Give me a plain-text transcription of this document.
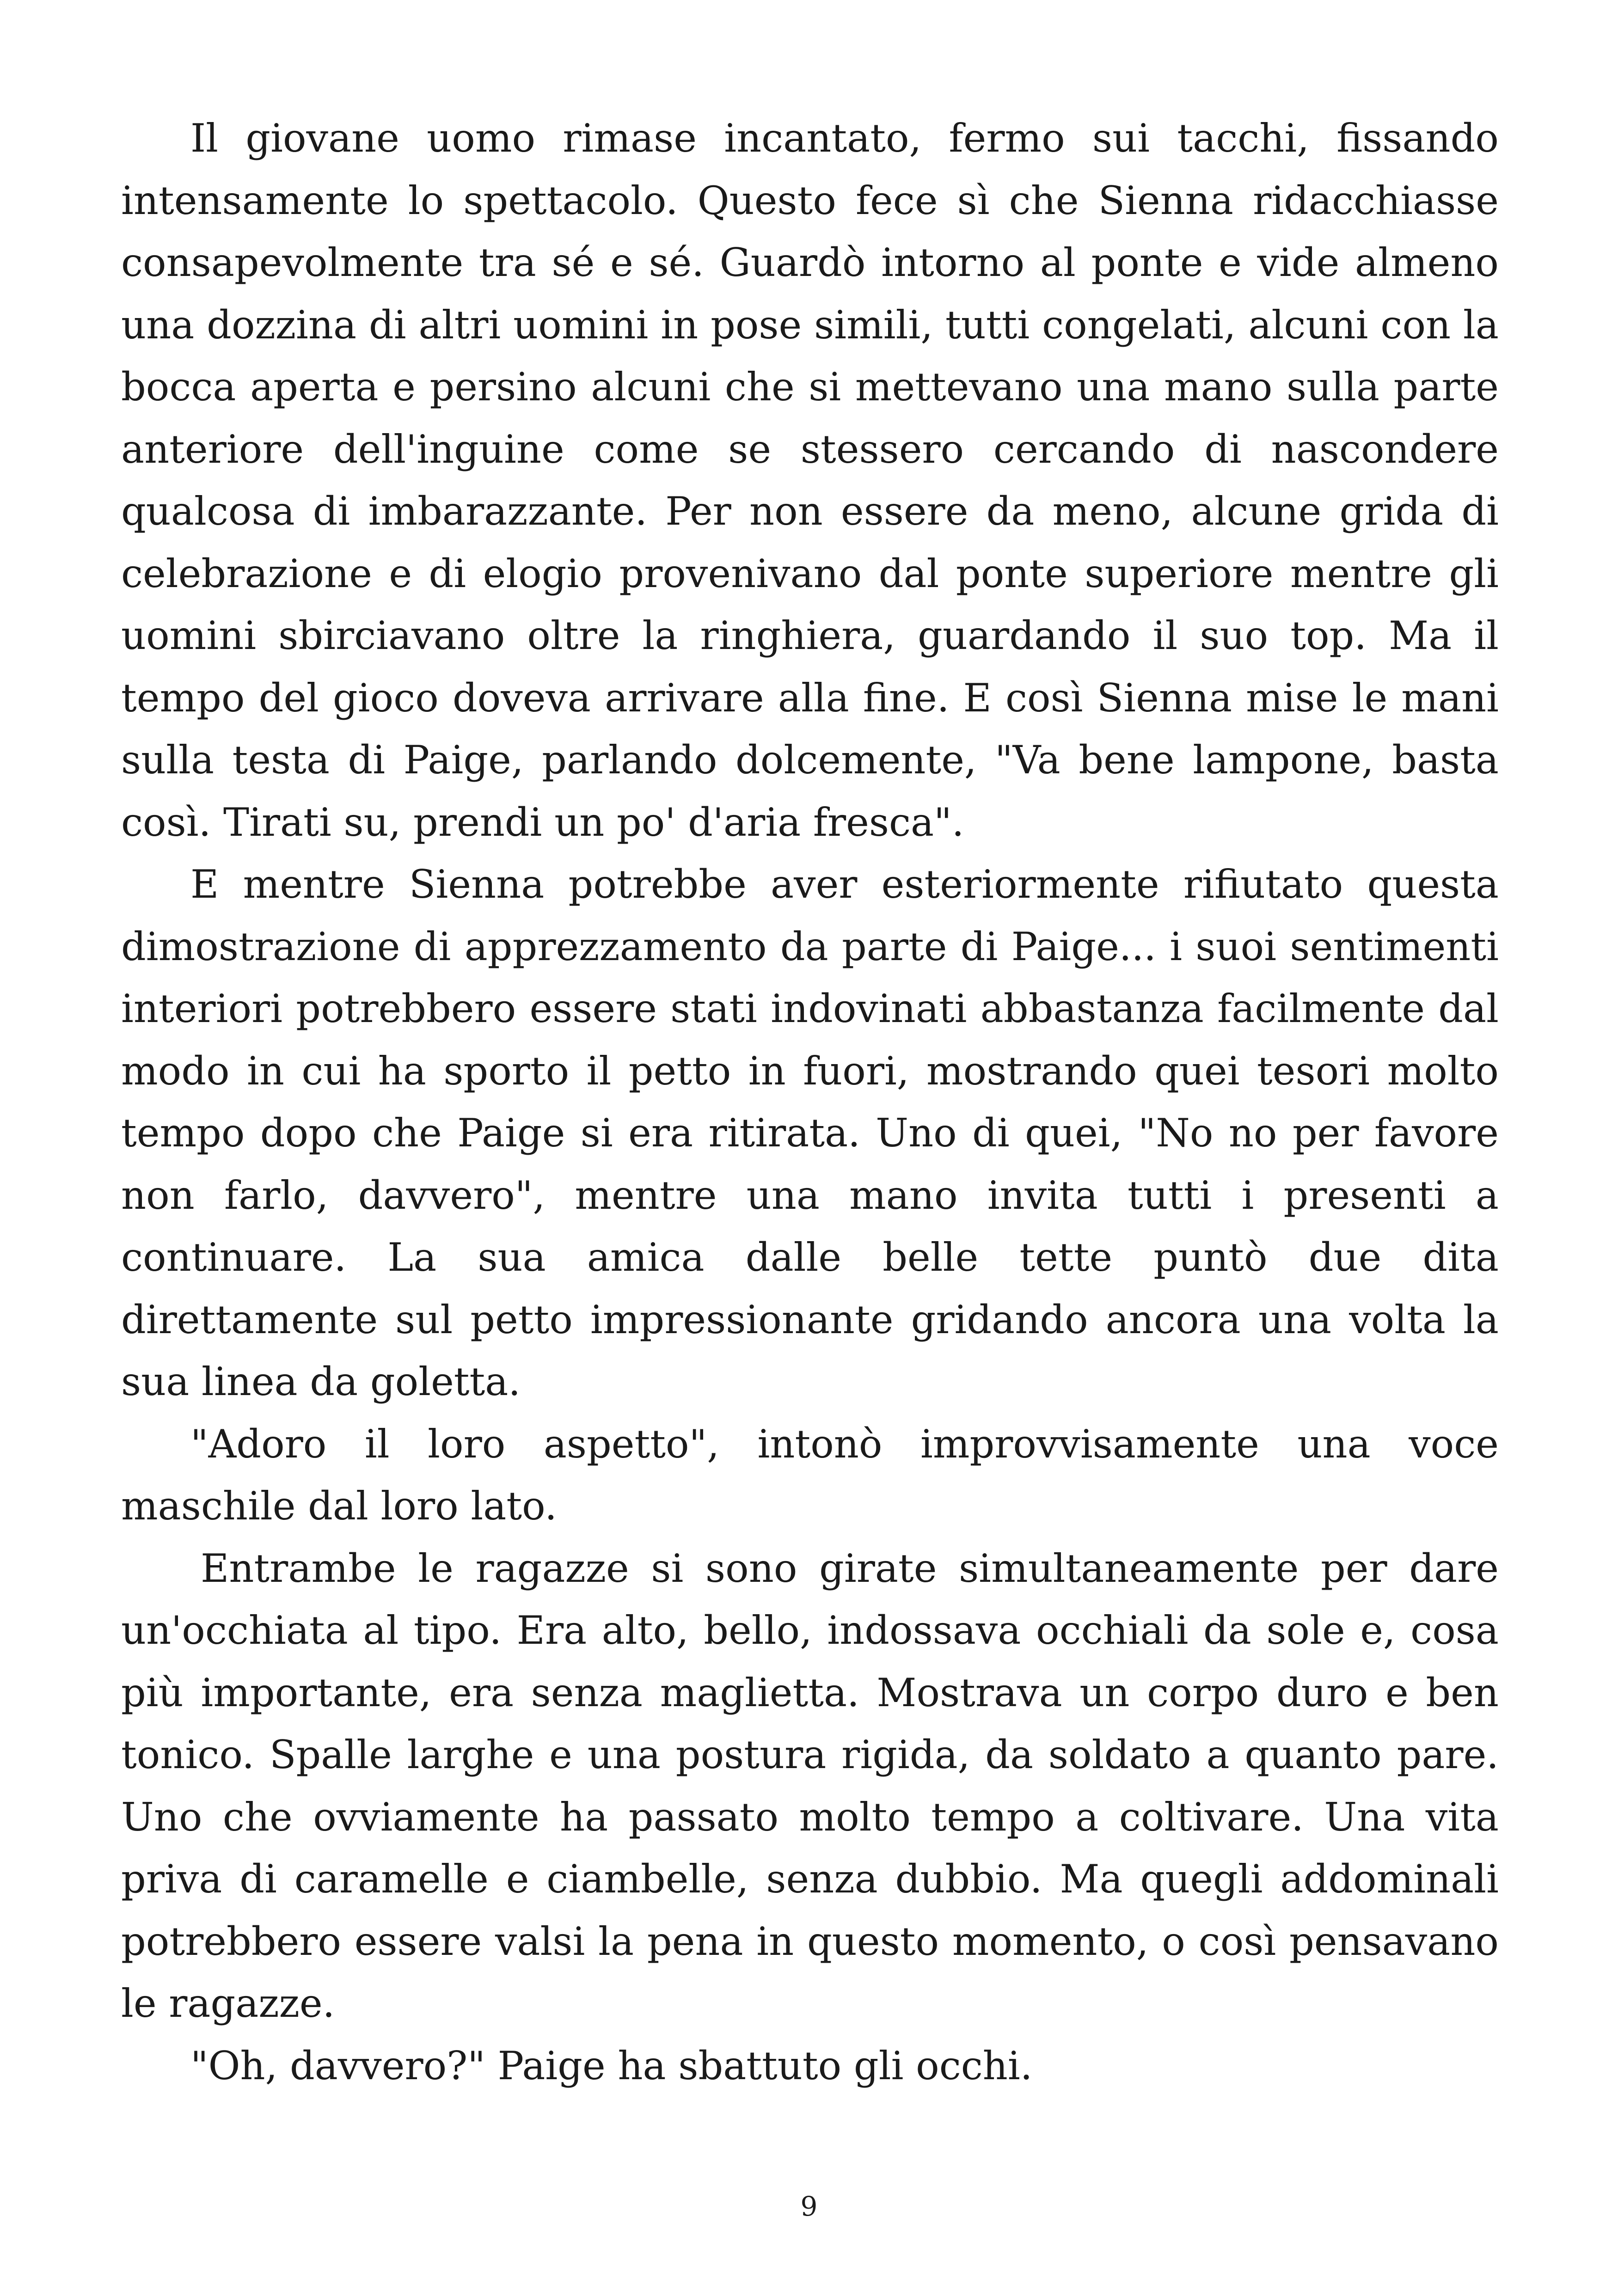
Il giovane uomo rimase incantato, fermo sui tacchi, fissando intensamente lo spettacolo. Questo fece sì che Sienna ridacchiasse consapevolmente tra sé e sé. Guardò intorno al ponte e vide almeno una dozzina di altri uomini in pose simili, tutti congelati, alcuni con la bocca aperta e persino alcuni che si mettevano una mano sulla parte anteriore dell'inguine come se stessero cercando di nascondere qualcosa di imbarazzante. Per non essere da meno, alcune grida di celebrazione e di elogio provenivano dal ponte superiore mentre gli uomini sbirciavano oltre la ringhiera, guardando il suo top. Ma il tempo del gioco doveva arrivare alla fine. E così Sienna mise le mani sulla testa di Paige, parlando dolcemente, "Va bene lampone, basta così. Tirati su, prendi un po' d'aria fresca".

E mentre Sienna potrebbe aver esteriormente rifiutato questa dimostrazione di apprezzamento da parte di Paige... i suoi sentimenti interiori potrebbero essere stati indovinati abbastanza facilmente dal modo in cui ha sporto il petto in fuori, mostrando quei tesori molto tempo dopo che Paige si era ritirata. Uno di quei, "No no per favore non farlo, davvero", mentre una mano invita tutti i presenti a continuare. La sua amica dalle belle tette puntò due dita direttamente sul petto impressionante gridando ancora una volta la sua linea da goletta.

"Adoro il loro aspetto", intonò improvvisamente una voce maschile dal loro lato.

Entrambe le ragazze si sono girate simultaneamente per dare un'occhiata al tipo. Era alto, bello, indossava occhiali da sole e, cosa più importante, era senza maglietta. Mostrava un corpo duro e ben tonico. Spalle larghe e una postura rigida, da soldato a quanto pare. Uno che ovviamente ha passato molto tempo a coltivare. Una vita priva di caramelle e ciambelle, senza dubbio. Ma quegli addominali potrebbero essere valsi la pena in questo momento, o così pensavano le ragazze.

"Oh, davvero?" Paige ha sbattuto gli occhi.

9
